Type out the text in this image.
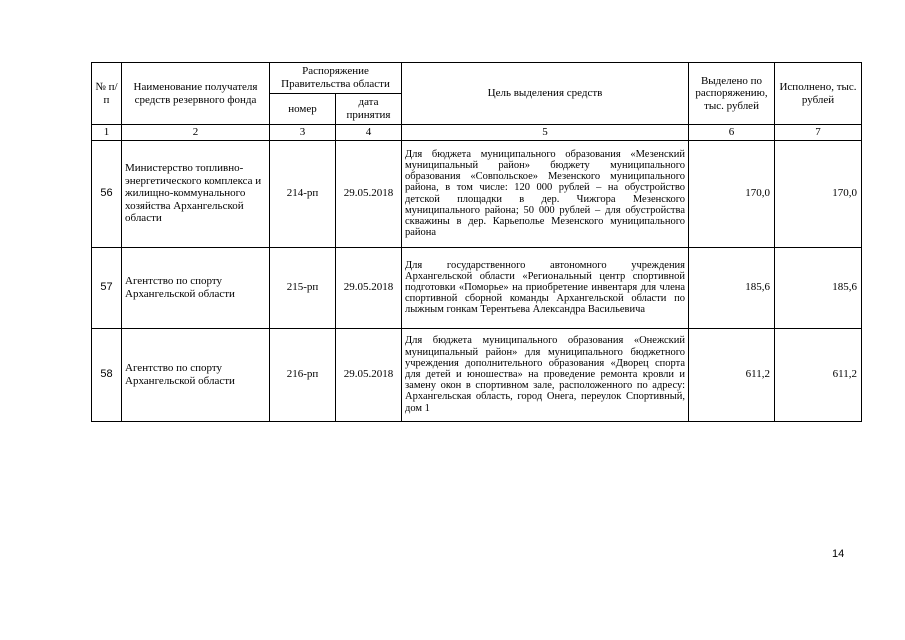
№ п/п	Наименование получателя средств резервного фонда	Распоряжение Правительства области		Цель выделения средств	Выделено по распоряжению, тыс. рублей	Исполнено, тыс. рублей
		номер	дата принятия			
1	2	3	4	5	6	7
56	Министерство топливно-энергетического комплекса и жилищно-коммунального хозяйства Архангельской области	214-рп	29.05.2018	Для бюджета муниципального образования «Мезенский муниципальный район» бюджету муниципального образования «Совпольское» Мезенского муниципального района, в том числе: 120 000 рублей – на обустройство детской площадки в дер. Чижгора Мезенского муниципального района; 50 000 рублей – для обустройства скважины в дер. Карьеполье Мезенского муниципального района	170,0	170,0
57	Агентство по спорту Архангельской области	215-рп	29.05.2018	Для государственного автономного учреждения Архангельской области «Региональный центр спортивной подготовки «Поморье» на приобретение инвентаря для члена спортивной сборной команды Архангельской области по лыжным гонкам Терентьева Александра Васильевича	185,6	185,6
58	Агентство по спорту Архангельской области	216-рп	29.05.2018	Для бюджета муниципального образования «Онежский муниципальный район» для муниципального бюджетного учреждения дополнительного образования «Дворец спорта для детей и юношества» на проведение ремонта кровли и замену окон в спортивном зале, расположенного по адресу: Архангельская область, город Онега, переулок Спортивный, дом 1	611,2	611,2
14
